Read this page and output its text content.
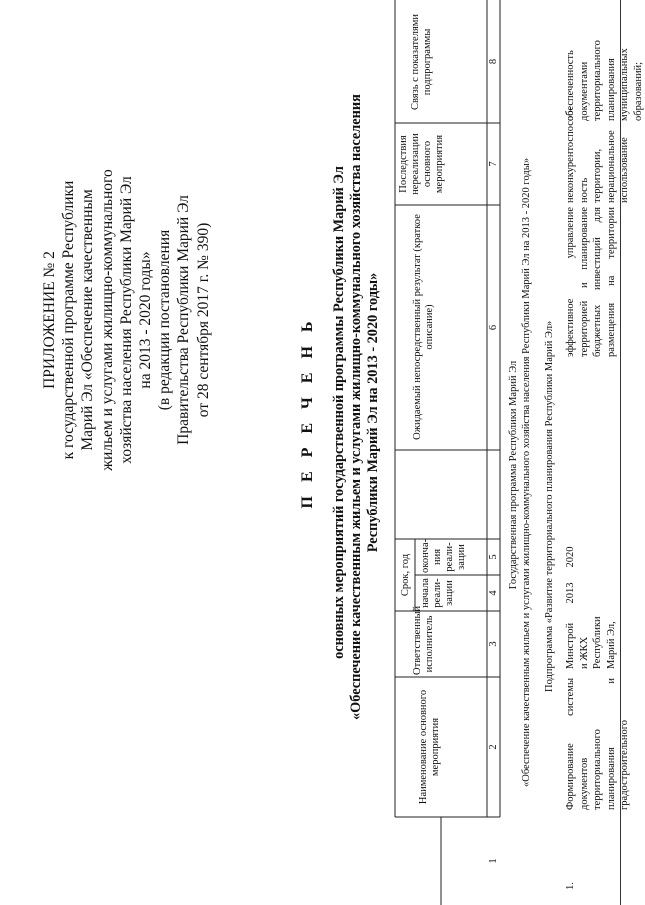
ПРИЛОЖЕНИЕ № 2 к государственной программе Республики Марий Эл «Обеспечение качественным жильем и услугами жилищно-коммунального хозяйства населения Республики Марий Эл на 2013 - 2020 годы» (в редакции постановления Правительства Республики Марий Эл от 28 сентября 2017 г. № 390)	П Е Р Е Ч Е Н Ь основных мероприятий государственной программы Республики Марий Эл «Обеспечение качественным жильем и услугами жилищно-коммунального хозяйства населения Республики Марий Эл на 2013 - 2020 годы»
Наименование основного мероприятия
Ответственный исполнитель
Срок, год начала реали-зации
оконча-ния реали-зации
Ожидаемый непосредственный результат (краткое описание)
Последствия нереализации основного мероприятия
Связь с показателями подпрограммы
1
2
3
4
5
6
7
8
Государственная программа Республики Марий Эл «Обеспечение качественным жильем и услугами жилищно-коммунального хозяйства населения Республики Марий Эл на 2013 - 2020 годы» Подпрограмма «Развитие территориального планирования Республики Марий Эл»
1.
Формирование системы документов территориального планирования и градостроительного
Минстрой и ЖКХ Республики Марий Эл,
2013
2020
эффективное управление территорией и планирование бюджетных инвестиций для размещения на территории
неконкурентоспособ- ность территории, нерациональное использование
обеспеченность документами территориального планирования муниципальных образований;
